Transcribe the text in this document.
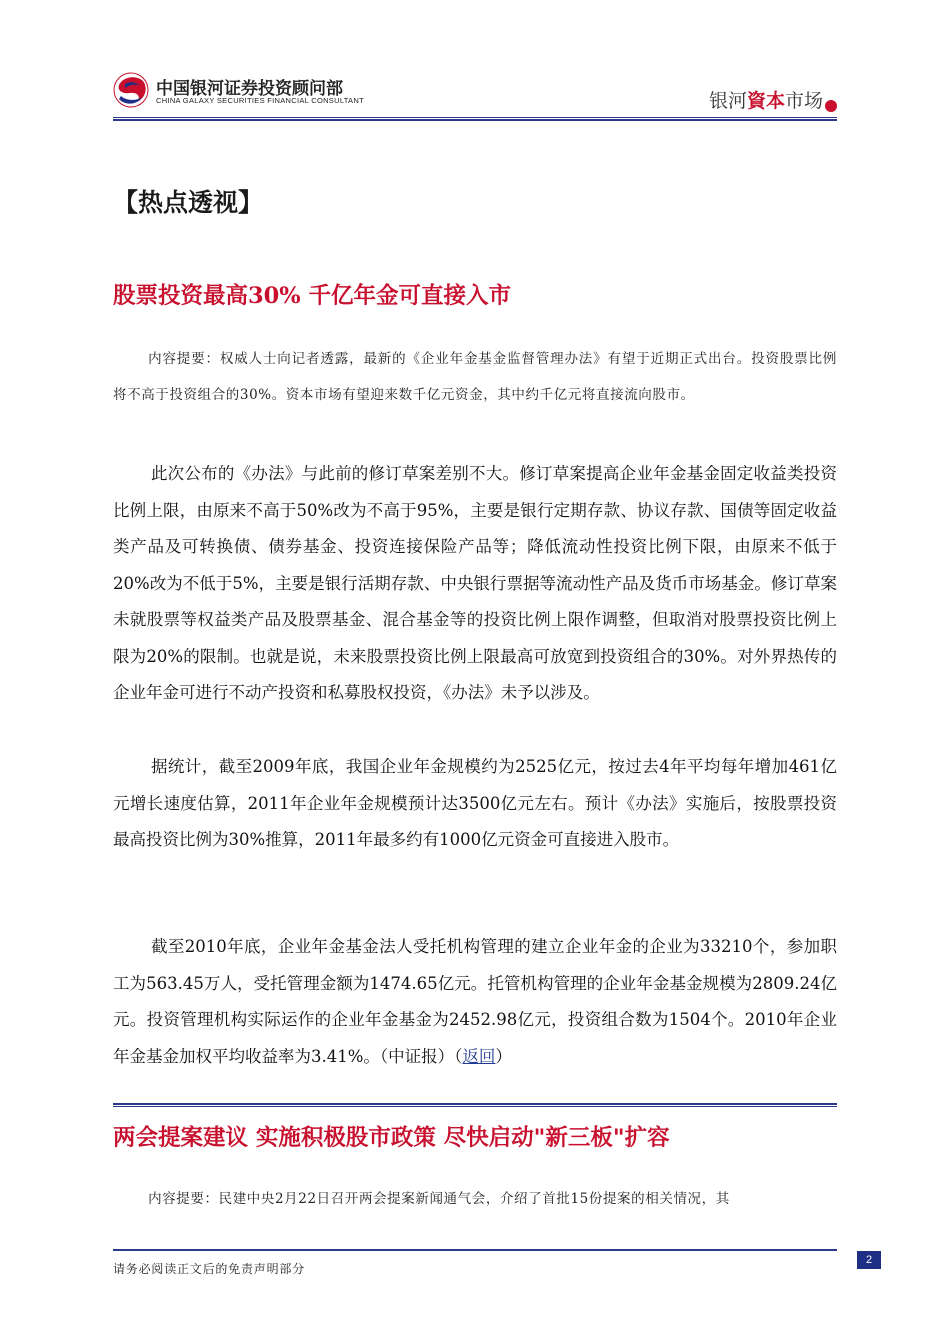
中国银河证券投资顾问部
CHINA GALAXY SECURITIES FINANCIAL CONSULTANT	银河資本市场
【热点透视】
股票投资最高30% 千亿年金可直接入市
内容提要：权威人士向记者透露，最新的《企业年金基金监督管理办法》有望于近期正式出台。投资股票比例将不高于投资组合的30%。资本市场有望迎来数千亿元资金，其中约千亿元将直接流向股市。
此次公布的《办法》与此前的修订草案差别不大。修订草案提高企业年金基金固定收益类投资比例上限，由原来不高于50%改为不高于95%，主要是银行定期存款、协议存款、国债等固定收益类产品及可转换债、债券基金、投资连接保险产品等；降低流动性投资比例下限，由原来不低于20%改为不低于5%，主要是银行活期存款、中央银行票据等流动性产品及货币市场基金。修订草案未就股票等权益类产品及股票基金、混合基金等的投资比例上限作调整，但取消对股票投资比例上限为20%的限制。也就是说，未来股票投资比例上限最高可放宽到投资组合的30%。对外界热传的企业年金可进行不动产投资和私募股权投资，《办法》未予以涉及。
据统计，截至2009年底，我国企业年金规模约为2525亿元，按过去4年平均每年增加461亿元增长速度估算，2011年企业年金规模预计达3500亿元左右。预计《办法》实施后，按股票投资最高投资比例为30%推算，2011年最多约有1000亿元资金可直接进入股市。
截至2010年底，企业年金基金法人受托机构管理的建立企业年金的企业为33210个，参加职工为563.45万人，受托管理金额为1474.65亿元。托管机构管理的企业年金基金规模为2809.24亿元。投资管理机构实际运作的企业年金基金为2452.98亿元，投资组合数为1504个。2010年企业年金基金加权平均收益率为3.41%。（中证报）（返回）
两会提案建议 实施积极股市政策 尽快启动"新三板"扩容
内容提要：民建中央2月22日召开两会提案新闻通气会，介绍了首批15份提案的相关情况，其
请务必阅读正文后的免责声明部分
2
